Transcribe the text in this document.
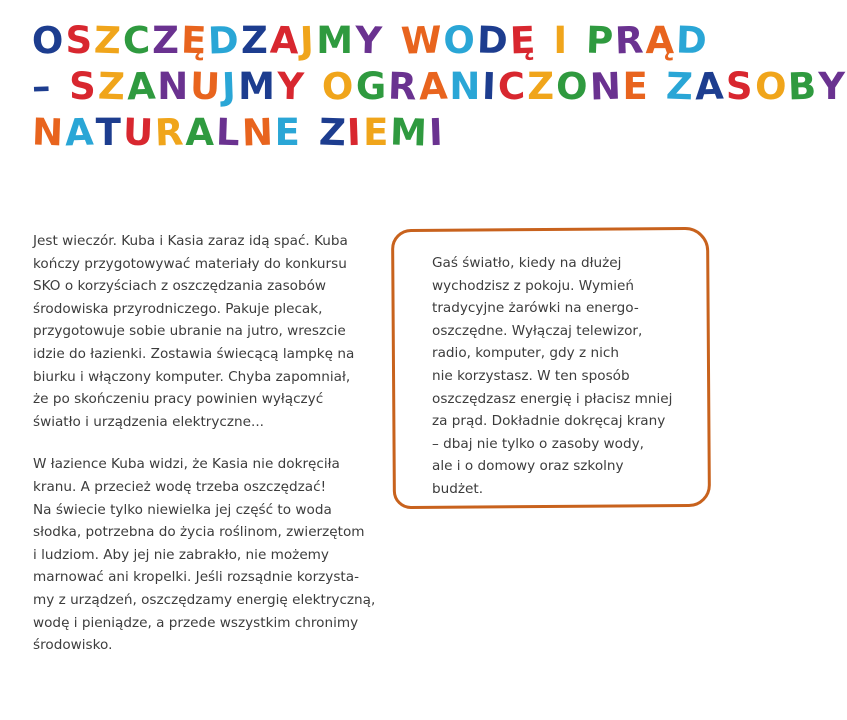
OSZCZĘDZAJMY WODĘ I PRĄD
– SZANUJMY OGRANICZONE ZASOBY
NATURALNE ZIEMI

Jest wieczór. Kuba i Kasia zaraz idą spać. Kuba
kończy przygotowywać materiały do konkursu
SKO o korzyściach z oszczędzania zasobów
środowiska przyrodniczego. Pakuje plecak,
przygotowuje sobie ubranie na jutro, wreszcie
idzie do łazienki. Zostawia świecącą lampkę na
biurku i włączony komputer. Chyba zapomniał,
że po skończeniu pracy powinien wyłączyć
światło i urządzenia elektryczne...

W łazience Kuba widzi, że Kasia nie dokręciła
kranu. A przecież wodę trzeba oszczędzać!
Na świecie tylko niewielka jej część to woda
słodka, potrzebna do życia roślinom, zwierzętom
i ludziom. Aby jej nie zabrakło, nie możemy
marnować ani kropelki. Jeśli rozsądnie korzysta-
my z urządzeń, oszczędzamy energię elektryczną,
wodę i pieniądze, a przede wszystkim chronimy
środowisko.

Gaś światło, kiedy na dłużej
wychodzisz z pokoju. Wymień
tradycyjne żarówki na energo-
oszczędne. Wyłączaj telewizor,
radio, komputer, gdy z nich
nie korzystasz. W ten sposób
oszczędzasz energię i płacisz mniej
za prąd. Dokładnie dokręcaj krany
– dbaj nie tylko o zasoby wody,
ale i o domowy oraz szkolny
budżet.
